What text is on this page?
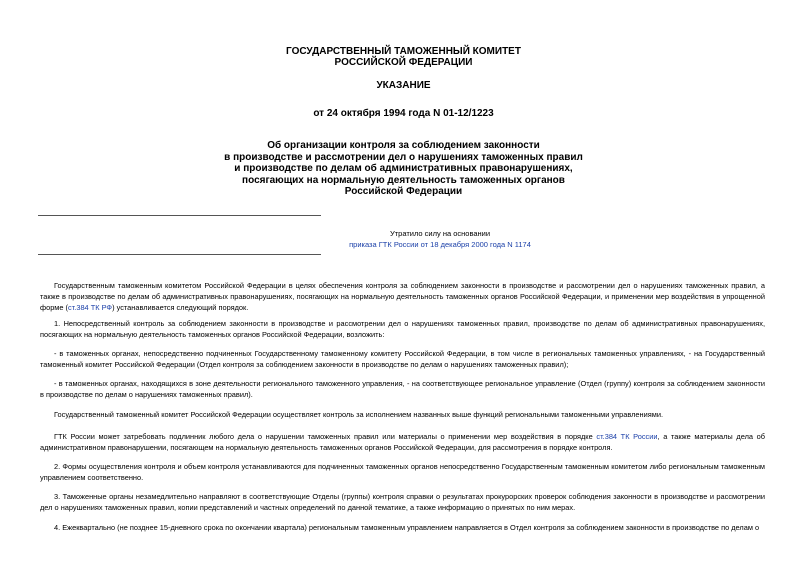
ГОСУДАРСТВЕННЫЙ ТАМОЖЕННЫЙ КОМИТЕТ
РОССИЙСКОЙ ФЕДЕРАЦИИ
УКАЗАНИЕ
от 24 октября 1994 года N 01-12/1223
Об организации контроля за соблюдением законности
в производстве и рассмотрении дел о нарушениях таможенных правил
и производстве по делам об административных правонарушениях,
посягающих на нормальную деятельность таможенных органов
Российской Федерации
Утратило силу на основании
приказа ГТК России от 18 декабря 2000 года N 1174

Государственным таможенным комитетом Российской Федерации в целях обеспечения контроля за соблюдением законности в производстве и рассмотрении дел о нарушениях таможенных правил, а также в производстве по делам об административных правонарушениях, посягающих на нормальную деятельность таможенных органов Российской Федерации, и применении мер воздействия в упрощенной форме (ст.384 ТК РФ) устанавливается следующий порядок.

1. Непосредственный контроль за соблюдением законности в производстве и рассмотрении дел о нарушениях таможенных правил, производстве по делам об административных правонарушениях, посягающих на нормальную деятельность таможенных органов Российской Федерации, возложить:

- в таможенных органах, непосредственно подчиненных Государственному таможенному комитету Российской Федерации, в том числе в региональных таможенных управлениях, - на Государственный таможенный комитет Российской Федерации (Отдел контроля за соблюдением законности в производстве по делам о нарушениях таможенных правил);

- в таможенных органах, находящихся в зоне деятельности регионального таможенного управления, - на соответствующее региональное управление (Отдел (группу) контроля за соблюдением законности в производстве по делам о нарушениях таможенных правил).

Государственный таможенный комитет Российской Федерации осуществляет контроль за исполнением названных выше функций региональными таможенными управлениями.

ГТК России может затребовать подлинник любого дела о нарушении таможенных правил или материалы о применении мер воздействия в порядке ст.384 ТК России, а также материалы дела об административном правонарушении, посягающем на нормальную деятельность таможенных органов Российской Федерации, для рассмотрения в порядке контроля.

2. Формы осуществления контроля и объем контроля устанавливаются для подчиненных таможенных органов непосредственно Государственным таможенным комитетом либо региональным таможенным управлением соответственно.

3. Таможенные органы незамедлительно направляют в соответствующие Отделы (группы) контроля справки о результатах прокурорских проверок соблюдения законности в производстве и рассмотрении дел о нарушениях таможенных правил, копии представлений и частных определений по данной тематике, а также информацию о принятых по ним мерах.

4. Ежеквартально (не позднее 15-дневного срока по окончании квартала) региональным таможенным управлением направляется в Отдел контроля за соблюдением законности в производстве по делам о
